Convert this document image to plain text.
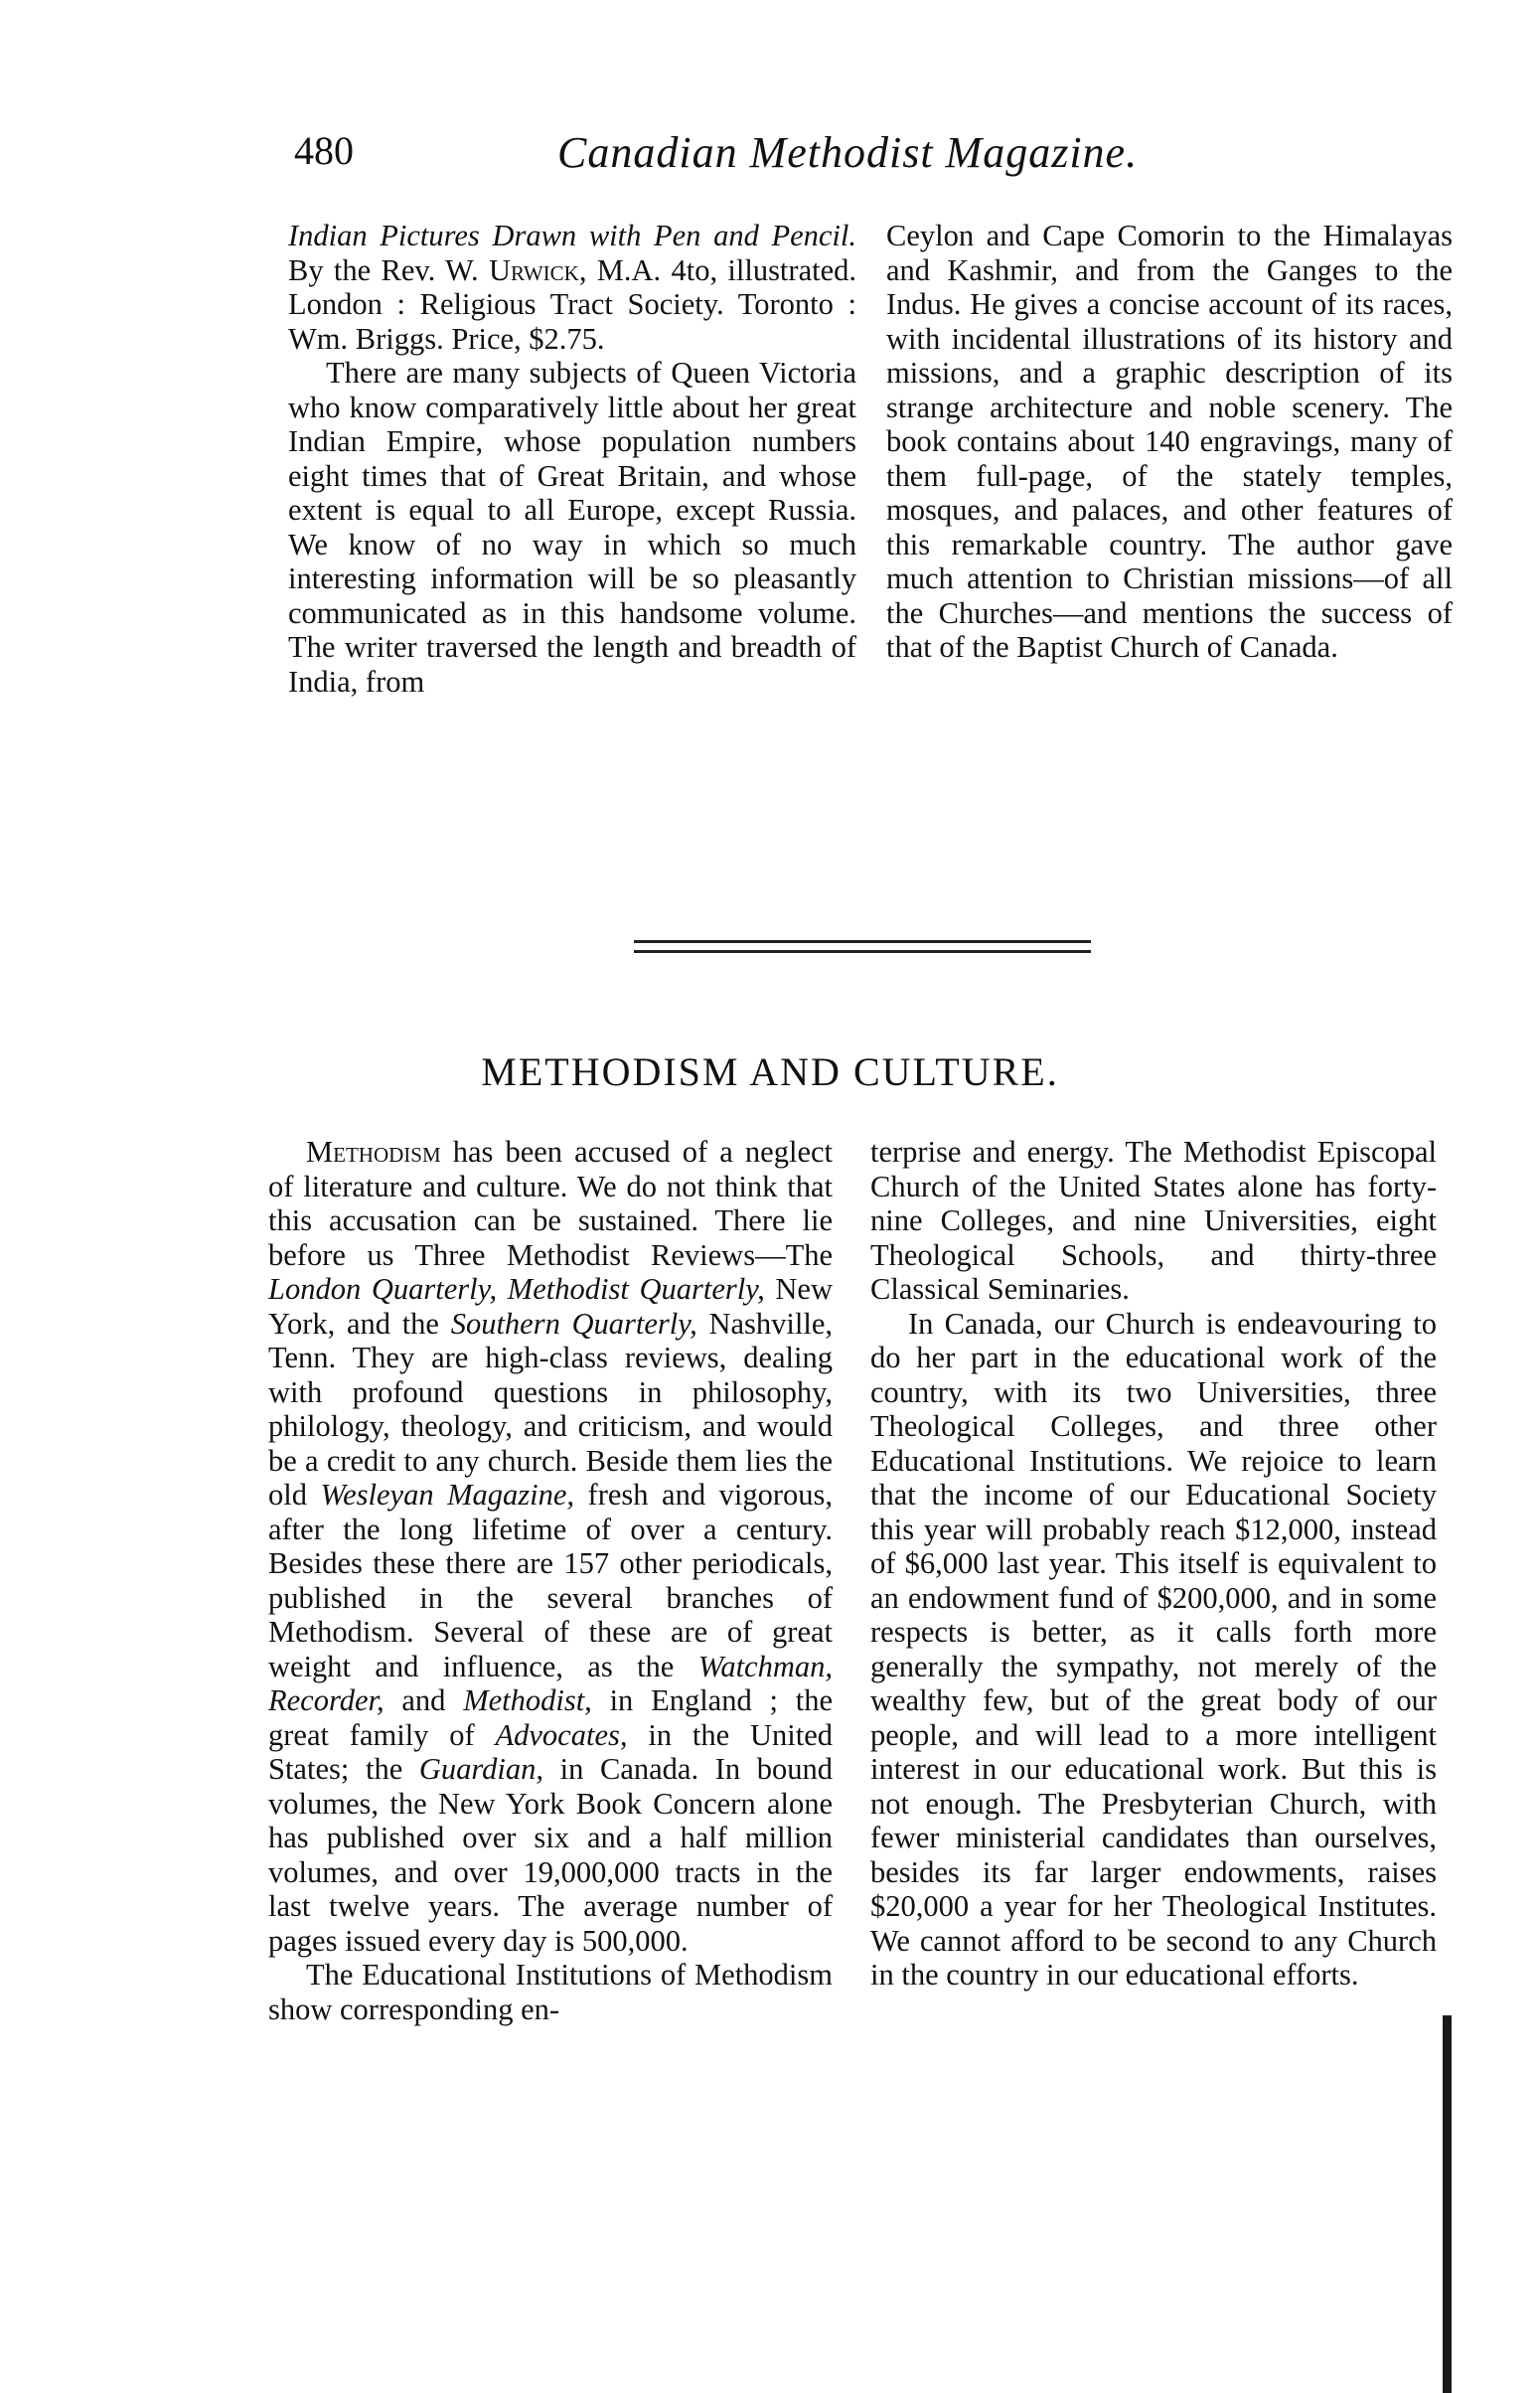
480	Canadian Methodist Magazine.

Indian Pictures Drawn with Pen and Pencil. By the Rev. W. Urwick, M.A. 4to, illustrated. London : Religious Tract Society. Toronto : Wm. Briggs. Price, $2.75.

There are many subjects of Queen Victoria who know comparatively little about her great Indian Empire, whose population numbers eight times that of Great Britain, and whose extent is equal to all Europe, except Russia. We know of no way in which so much interesting information will be so pleasantly communicated as in this handsome volume. The writer traversed the length and breadth of India, from

Ceylon and Cape Comorin to the Himalayas and Kashmir, and from the Ganges to the Indus. He gives a concise account of its races, with incidental illustrations of its history and missions, and a graphic description of its strange architecture and noble scenery. The book contains about 140 engravings, many of them full-page, of the stately temples, mosques, and palaces, and other features of this remarkable country. The author gave much attention to Christian missions—of all the Churches—and mentions the success of that of the Baptist Church of Canada.

METHODISM AND CULTURE.

Methodism has been accused of a neglect of literature and culture. We do not think that this accusation can be sustained. There lie before us Three Methodist Reviews—The London Quarterly, Methodist Quarterly, New York, and the Southern Quarterly, Nashville, Tenn. They are high-class reviews, dealing with profound questions in philosophy, philology, theology, and criticism, and would be a credit to any church. Beside them lies the old Wesleyan Magazine, fresh and vigorous, after the long lifetime of over a century. Besides these there are 157 other periodicals, published in the several branches of Methodism. Several of these are of great weight and influence, as the Watchman, Recorder, and Methodist, in England ; the great family of Advocates, in the United States; the Guardian, in Canada. In bound volumes, the New York Book Concern alone has published over six and a half million volumes, and over 19,000,000 tracts in the last twelve years. The average number of pages issued every day is 500,000.

The Educational Institutions of Methodism show corresponding en-

terprise and energy. The Methodist Episcopal Church of the United States alone has forty-nine Colleges, and nine Universities, eight Theological Schools, and thirty-three Classical Seminaries.

In Canada, our Church is endeavouring to do her part in the educational work of the country, with its two Universities, three Theological Colleges, and three other Educational Institutions. We rejoice to learn that the income of our Educational Society this year will probably reach $12,000, instead of $6,000 last year. This itself is equivalent to an endowment fund of $200,000, and in some respects is better, as it calls forth more generally the sympathy, not merely of the wealthy few, but of the great body of our people, and will lead to a more intelligent interest in our educational work. But this is not enough. The Presbyterian Church, with fewer ministerial candidates than ourselves, besides its far larger endowments, raises $20,000 a year for her Theological Institutes. We cannot afford to be second to any Church in the country in our educational efforts.
